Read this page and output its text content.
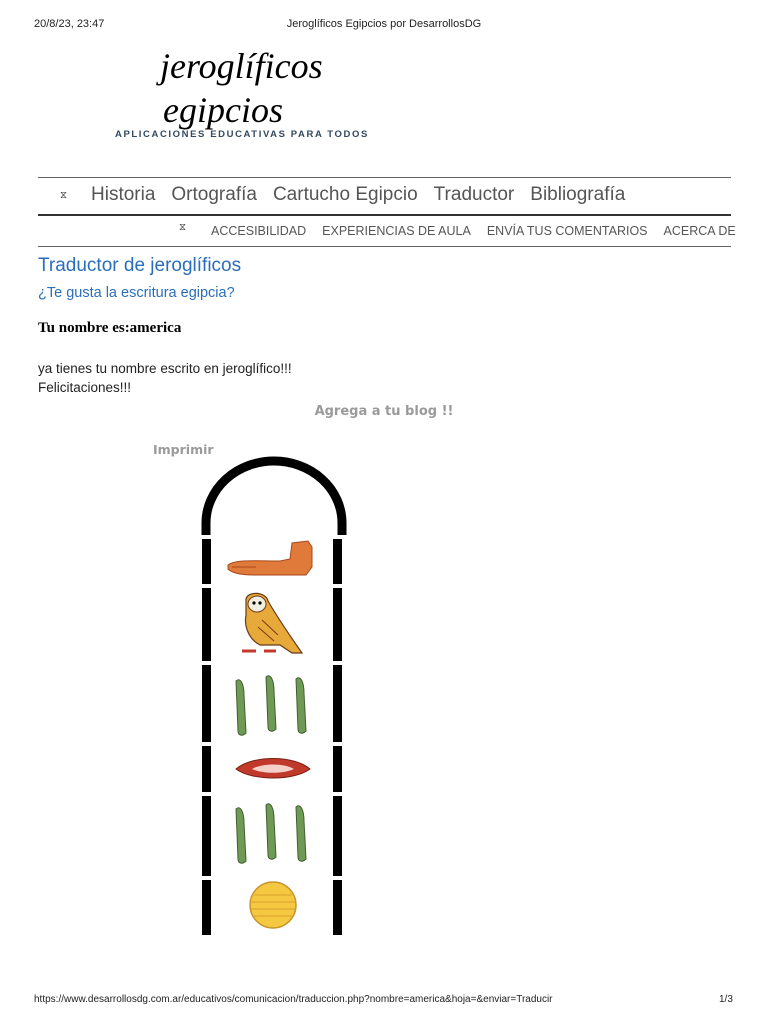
20/8/23, 23:47	Jeroglíficos Egipcios por DesarrollosDG
jeroglíficos
egipcios
APLICACIONES EDUCATIVAS PARA TODOS
⧖ Historia Ortografía Cartucho Egipcio Traductor Bibliografía
⧖ ACCESIBILIDAD EXPERIENCIAS DE AULA ENVÍA TUS COMENTARIOS ACERCA DE
Traductor de jeroglíficos
¿Te gusta la escritura egipcia?
Tu nombre es:america
ya tienes tu nombre escrito en jeroglífico!!!
Felicitaciones!!!
Agrega a tu blog !!
Imprimir
https://www.desarrollosdg.com.ar/educativos/comunicacion/traduccion.php?nombre=america&hoja=&enviar=Traducir	1/3
